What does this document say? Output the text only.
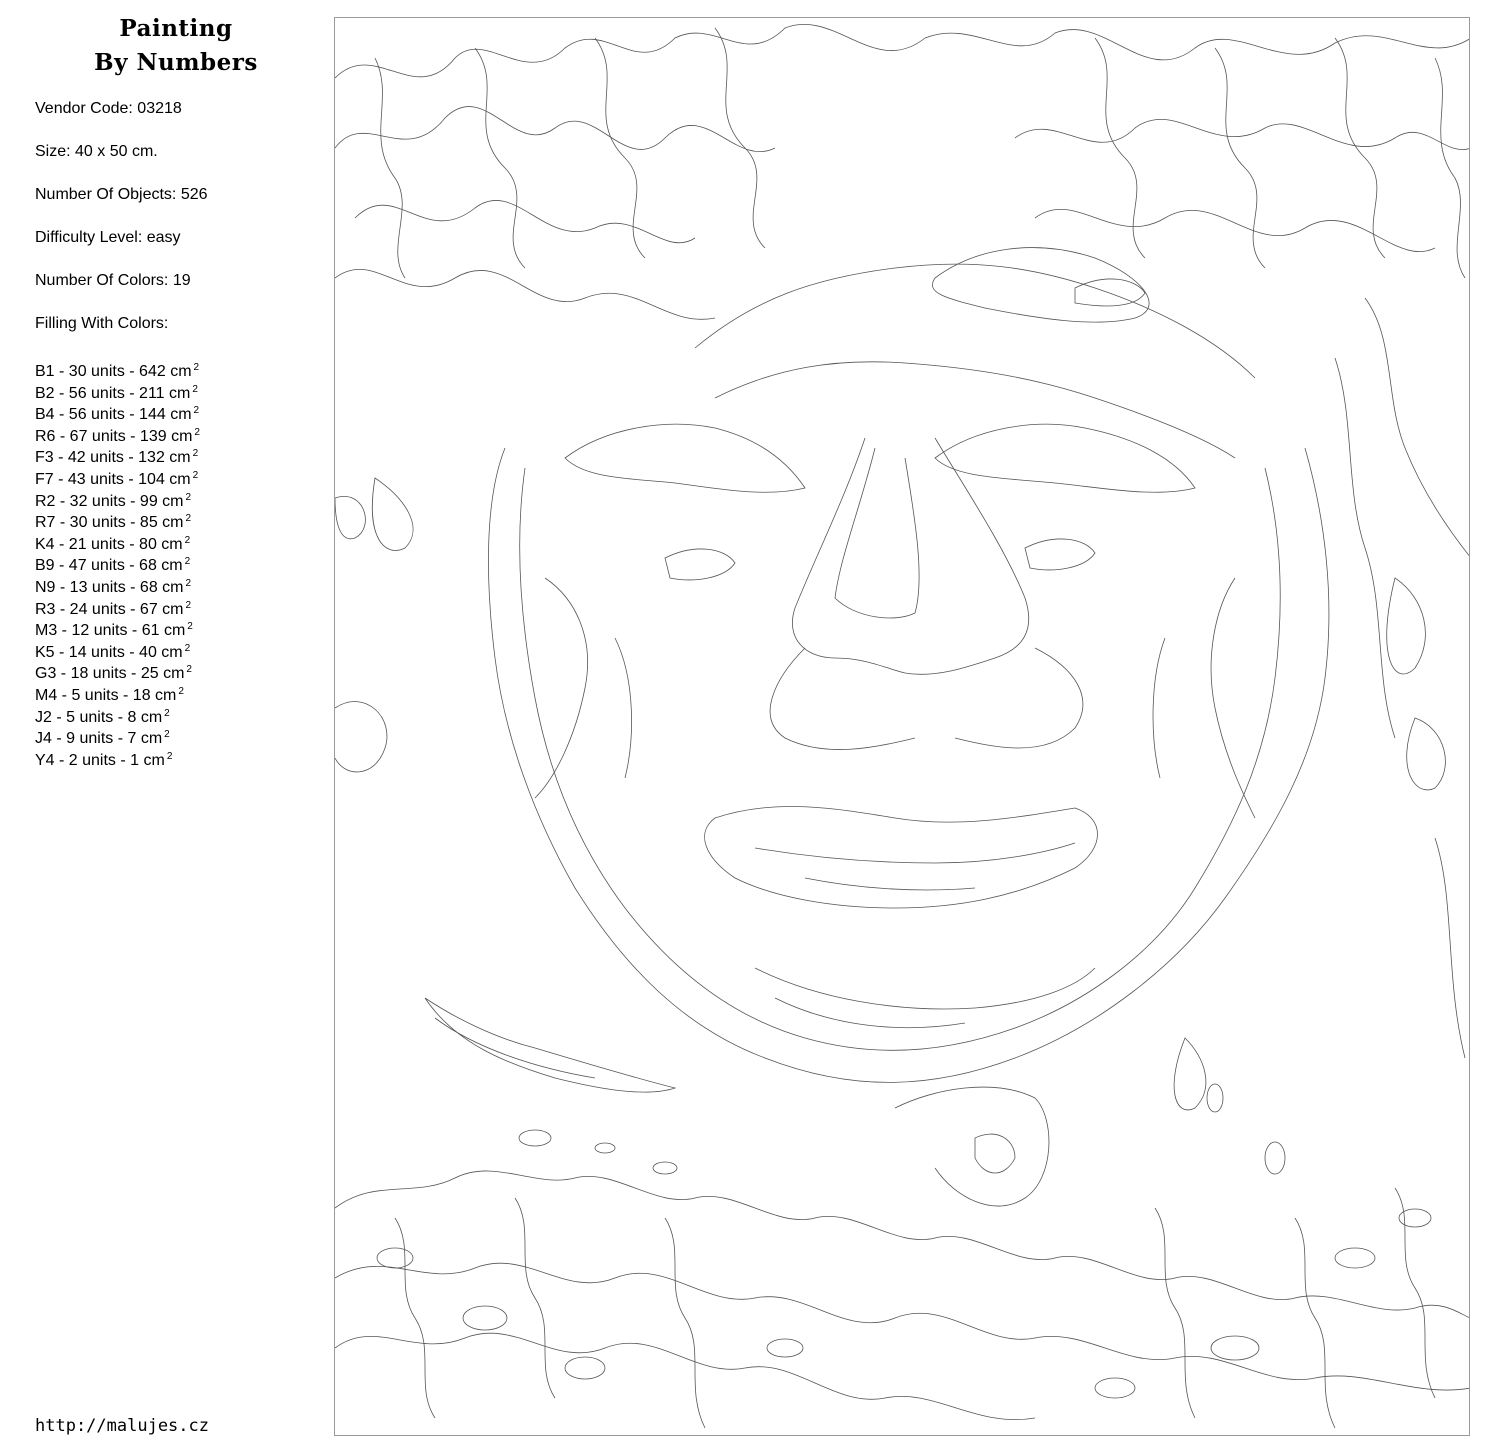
Painting
By Numbers
Vendor Code: 03218
Size: 40 x 50 cm.
Number Of Objects: 526
Difficulty Level: easy
Number Of Colors: 19
Filling With Colors:
B1 - 30 units - 642 cm $^2$
B2 - 56 units - 211 cm $^2$
B4 - 56 units - 144 cm $^2$
R6 - 67 units - 139 cm $^2$
F3 - 42 units - 132 cm $^2$
F7 - 43 units - 104 cm $^2$
R2 - 32 units - 99 cm $^2$
R7 - 30 units - 85 cm $^2$
K4 - 21 units - 80 cm $^2$
B9 - 47 units - 68 cm $^2$
N9 - 13 units - 68 cm $^2$
R3 - 24 units - 67 cm $^2$
M3 - 12 units - 61 cm $^2$
K5 - 14 units - 40 cm $^2$
G3 - 18 units - 25 cm $^2$
M4 - 5 units - 18 cm $^2$
J2 - 5 units - 8 cm $^2$
J4 - 9 units - 7 cm $^2$
Y4 - 2 units - 1 cm $^2$
http://malujes.cz
